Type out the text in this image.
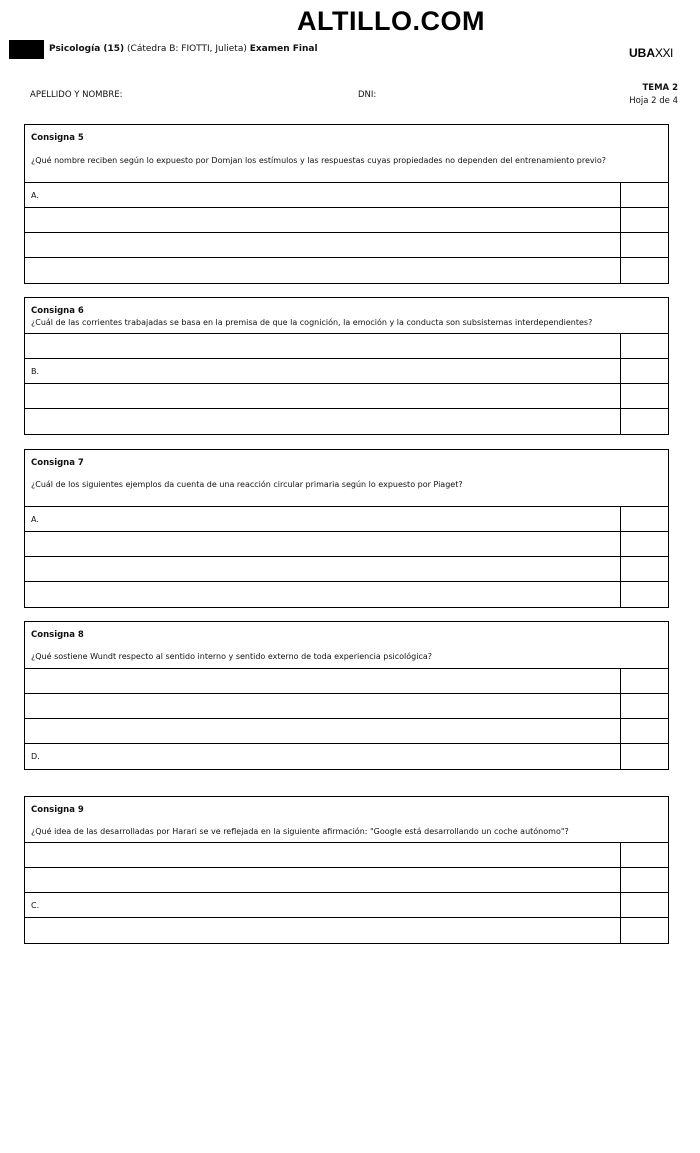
ALTILLO.COM
Psicología (15) (Cátedra B: FIOTTI, Julieta) Examen Final	UBAXXI
APELLIDO Y NOMBRE:	DNI:
TEMA 2
Hoja 2 de 4
Consigna 5
¿Qué nombre reciben según lo expuesto por Domjan los estímulos y las respuestas cuyas propiedades no dependen del entrenamiento previo?
A.
Consigna 6
¿Cuál de las corrientes trabajadas se basa en la premisa de que la cognición, la emoción y la conducta son subsistemas interdependientes?
B.
Consigna 7
¿Cuál de los siguientes ejemplos da cuenta de una reacción circular primaria según lo expuesto por Piaget?
A.
Consigna 8
¿Qué sostiene Wundt respecto al sentido interno y sentido externo de toda experiencia psicológica?
D.
Consigna 9
¿Qué idea de las desarrolladas por Harari se ve reflejada en la siguiente afirmación: "Google está desarrollando un coche autónomo"?
C.
